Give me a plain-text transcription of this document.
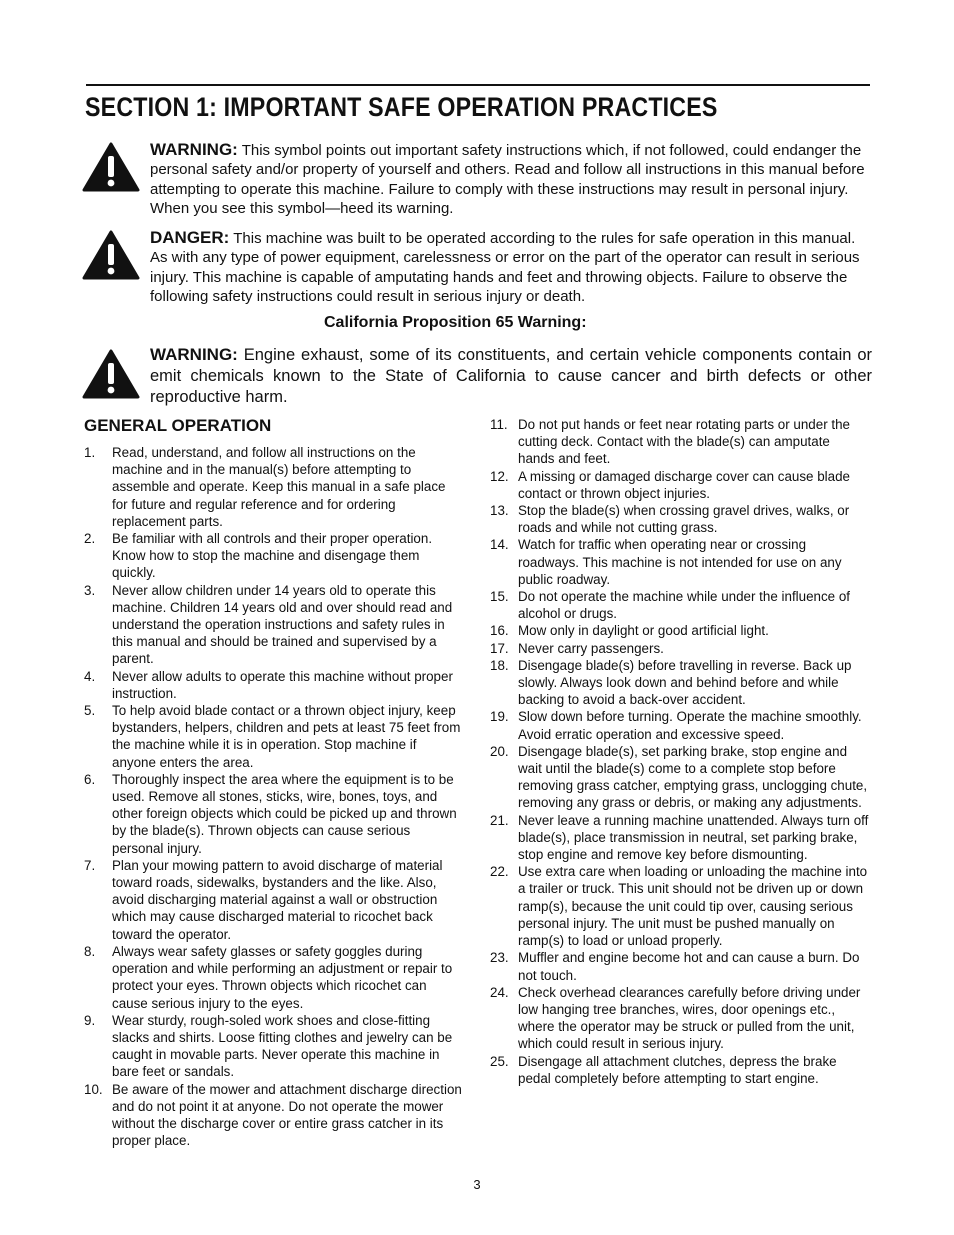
SECTION 1: IMPORTANT SAFE OPERATION PRACTICES
WARNING: This symbol points out important safety instructions which, if not followed, could endanger the personal safety and/or property of yourself and others. Read and follow all instructions in this manual before attempting to operate this machine. Failure to comply with these instructions may result in personal injury. When you see this symbol—heed its warning.
DANGER: This machine was built to be operated according to the rules for safe operation in this manual. As with any type of power equipment, carelessness or error on the part of the operator can result in serious injury. This machine is capable of amputating hands and feet and throwing objects. Failure to observe the following safety instructions could result in serious injury or death.
California Proposition 65 Warning:
WARNING: Engine exhaust, some of its constituents, and certain vehicle components contain or emit chemicals known to the State of California to cause cancer and birth defects or other reproductive harm.
GENERAL OPERATION
1. Read, understand, and follow all instructions on the machine and in the manual(s) before attempting to assemble and operate. Keep this manual in a safe place for future and regular reference and for ordering replacement parts.
2. Be familiar with all controls and their proper operation. Know how to stop the machine and disengage them quickly.
3. Never allow children under 14 years old to operate this machine. Children 14 years old and over should read and understand the operation instructions and safety rules in this manual and should be trained and supervised by a parent.
4. Never allow adults to operate this machine without proper instruction.
5. To help avoid blade contact or a thrown object injury, keep bystanders, helpers, children and pets at least 75 feet from the machine while it is in operation. Stop machine if anyone enters the area.
6. Thoroughly inspect the area where the equipment is to be used. Remove all stones, sticks, wire, bones, toys, and other foreign objects which could be picked up and thrown by the blade(s). Thrown objects can cause serious personal injury.
7. Plan your mowing pattern to avoid discharge of material toward roads, sidewalks, bystanders and the like. Also, avoid discharging material against a wall or obstruction which may cause discharged material to ricochet back toward the operator.
8. Always wear safety glasses or safety goggles during operation and while performing an adjustment or repair to protect your eyes. Thrown objects which ricochet can cause serious injury to the eyes.
9. Wear sturdy, rough-soled work shoes and close-fitting slacks and shirts. Loose fitting clothes and jewelry can be caught in movable parts. Never operate this machine in bare feet or sandals.
10. Be aware of the mower and attachment discharge direction and do not point it at anyone. Do not operate the mower without the discharge cover or entire grass catcher in its proper place.
11. Do not put hands or feet near rotating parts or under the cutting deck. Contact with the blade(s) can amputate hands and feet.
12. A missing or damaged discharge cover can cause blade contact or thrown object injuries.
13. Stop the blade(s) when crossing gravel drives, walks, or roads and while not cutting grass.
14. Watch for traffic when operating near or crossing roadways. This machine is not intended for use on any public roadway.
15. Do not operate the machine while under the influence of alcohol or drugs.
16. Mow only in daylight or good artificial light.
17. Never carry passengers.
18. Disengage blade(s) before travelling in reverse. Back up slowly. Always look down and behind before and while backing to avoid a back-over accident.
19. Slow down before turning. Operate the machine smoothly. Avoid erratic operation and excessive speed.
20. Disengage blade(s), set parking brake, stop engine and wait until the blade(s) come to a complete stop before removing grass catcher, emptying grass, unclogging chute, removing any grass or debris, or making any adjustments.
21. Never leave a running machine unattended. Always turn off blade(s), place transmission in neutral, set parking brake, stop engine and remove key before dismounting.
22. Use extra care when loading or unloading the machine into a trailer or truck. This unit should not be driven up or down ramp(s), because the unit could tip over, causing serious personal injury. The unit must be pushed manually on ramp(s) to load or unload properly.
23. Muffler and engine become hot and can cause a burn. Do not touch.
24. Check overhead clearances carefully before driving under low hanging tree branches, wires, door openings etc., where the operator may be struck or pulled from the unit, which could result in serious injury.
25. Disengage all attachment clutches, depress the brake pedal completely before attempting to start engine.
3
